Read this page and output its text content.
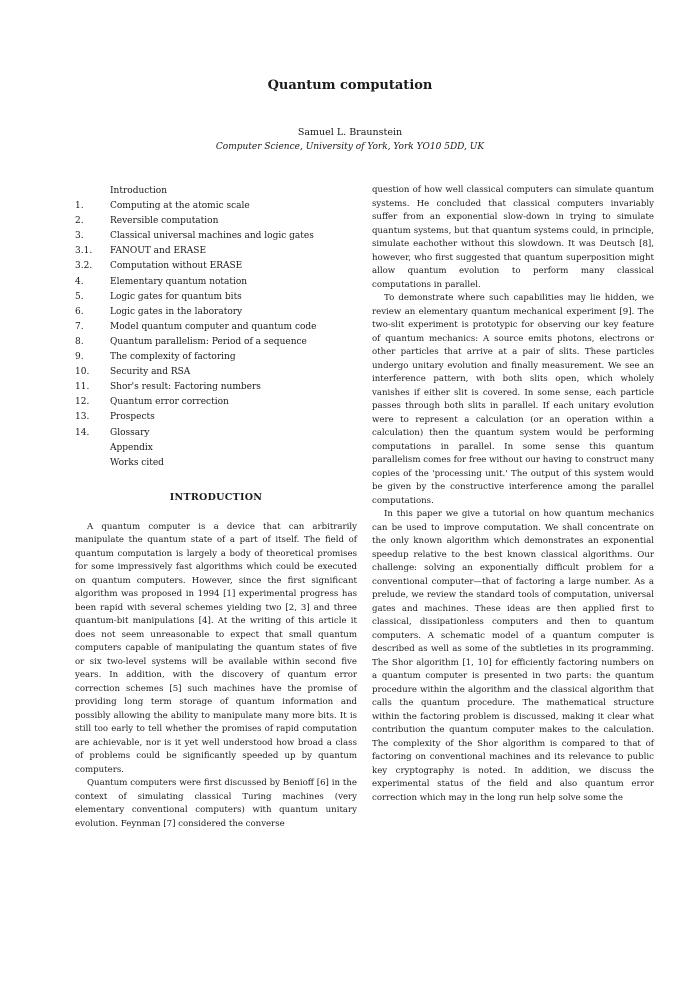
Quantum computation
Samuel L. Braunstein
Computer Science, University of York, York YO10 5DD, UK
Introduction
1.	Computing at the atomic scale
2.	Reversible computation
3.	Classical universal machines and logic gates
3.1.	FANOUT and ERASE
3.2.	Computation without ERASE
4.	Elementary quantum notation
5.	Logic gates for quantum bits
6.	Logic gates in the laboratory
7.	Model quantum computer and quantum code
8.	Quantum parallelism: Period of a sequence
9.	The complexity of factoring
10.	Security and RSA
11.	Shor's result: Factoring numbers
12.	Quantum error correction
13.	Prospects
14.	Glossary
Appendix
Works cited
INTRODUCTION

A quantum computer is a device that can arbitrarily manipulate the quantum state of a part of itself. The field of quantum computation is largely a body of theoretical promises for some impressively fast algorithms which could be executed on quantum computers. However, since the first significant algorithm was proposed in 1994 [1] experimental progress has been rapid with several schemes yielding two [2, 3] and three quantum-bit manipulations [4]. At the writing of this article it does not seem unreasonable to expect that small quantum computers capable of manipulating the quantum states of five or six two-level systems will be available within second five years. In addition, with the discovery of quantum error correction schemes [5] such machines have the promise of providing long term storage of quantum information and possibly allowing the ability to manipulate many more bits. It is still too early to tell whether the promises of rapid computation are achievable, nor is it yet well understood how broad a class of problems could be significantly speeded up by quantum computers.

Quantum computers were first discussed by Benioff [6] in the context of simulating classical Turing machines (very elementary conventional computers) with quantum unitary evolution. Feynman [7] considered the converse

question of how well classical computers can simulate quantum systems. He concluded that classical computers invariably suffer from an exponential slow-down in trying to simulate quantum systems, but that quantum systems could, in principle, simulate eachother without this slowdown. It was Deutsch [8], however, who first suggested that quantum superposition might allow quantum evolution to perform many classical computations in parallel.

To demonstrate where such capabilities may lie hidden, we review an elementary quantum mechanical experiment [9]. The two-slit experiment is prototypic for observing our key feature of quantum mechanics: A source emits photons, electrons or other particles that arrive at a pair of slits. These particles undergo unitary evolution and finally measurement. We see an interference pattern, with both slits open, which wholely vanishes if either slit is covered. In some sense, each particle passes through both slits in parallel. If each unitary evolution were to represent a calculation (or an operation within a calculation) then the quantum system would be performing computations in parallel. In some sense this quantum parallelism comes for free without our having to construct many copies of the 'processing unit.' The output of this system would be given by the constructive interference among the parallel computations.

In this paper we give a tutorial on how quantum mechanics can be used to improve computation. We shall concentrate on the only known algorithm which demonstrates an exponential speedup relative to the best known classical algorithms. Our challenge: solving an exponentially difficult problem for a conventional computer—that of factoring a large number. As a prelude, we review the standard tools of computation, universal gates and machines. These ideas are then applied first to classical, dissipationless computers and then to quantum computers. A schematic model of a quantum computer is described as well as some of the subtleties in its programming. The Shor algorithm [1, 10] for efficiently factoring numbers on a quantum computer is presented in two parts: the quantum procedure within the algorithm and the classical algorithm that calls the quantum procedure. The mathematical structure within the factoring problem is discussed, making it clear what contribution the quantum computer makes to the calculation. The complexity of the Shor algorithm is compared to that of factoring on conventional machines and its relevance to public key cryptography is noted. In addition, we discuss the experimental status of the field and also quantum error correction which may in the long run help solve some the
